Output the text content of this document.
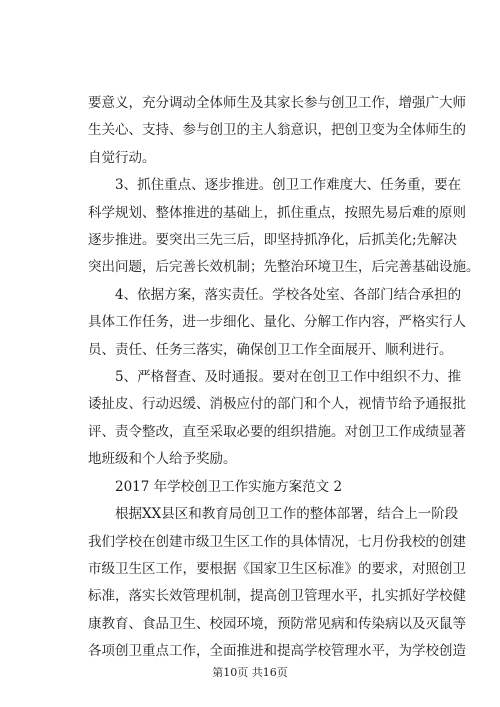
要意义，充分调动全体师生及其家长参与创卫工作，增强广大师
生关心、支持、参与创卫的主人翁意识，把创卫变为全体师生的
自觉行动。
　　3、抓住重点、逐步推进。创卫工作难度大、任务重，要在
科学规划、整体推进的基础上，抓住重点，按照先易后难的原则
逐步推进。要突出三先三后，即坚持抓净化，后抓美化;先解决
突出问题，后完善长效机制；先整治环境卫生，后完善基础设施。
　　4、依据方案，落实责任。学校各处室、各部门结合承担的
具体工作任务，进一步细化、量化、分解工作内容，严格实行人
员、责任、任务三落实，确保创卫工作全面展开、顺利进行。
　　5、严格督查、及时通报。要对在创卫工作中组织不力、推
诿扯皮、行动迟缓、消极应付的部门和个人，视情节给予通报批
评、责令整改，直至采取必要的组织措施。对创卫工作成绩显著
地班级和个人给予奖励。
　　2017 年学校创卫工作实施方案范文 2
　　根据XX县区和教育局创卫工作的整体部署，结合上一阶段
我们学校在创建市级卫生区工作的具体情况，七月份我校的创建
市级卫生区工作，要根据《国家卫生区标准》的要求，对照创卫
标准，落实长效管理机制，提高创卫管理水平，扎实抓好学校健
康教育、食品卫生、校园环境，预防常见病和传染病以及灭鼠等
各项创卫重点工作，全面推进和提高学校管理水平，为学校创造
第10页 共16页
